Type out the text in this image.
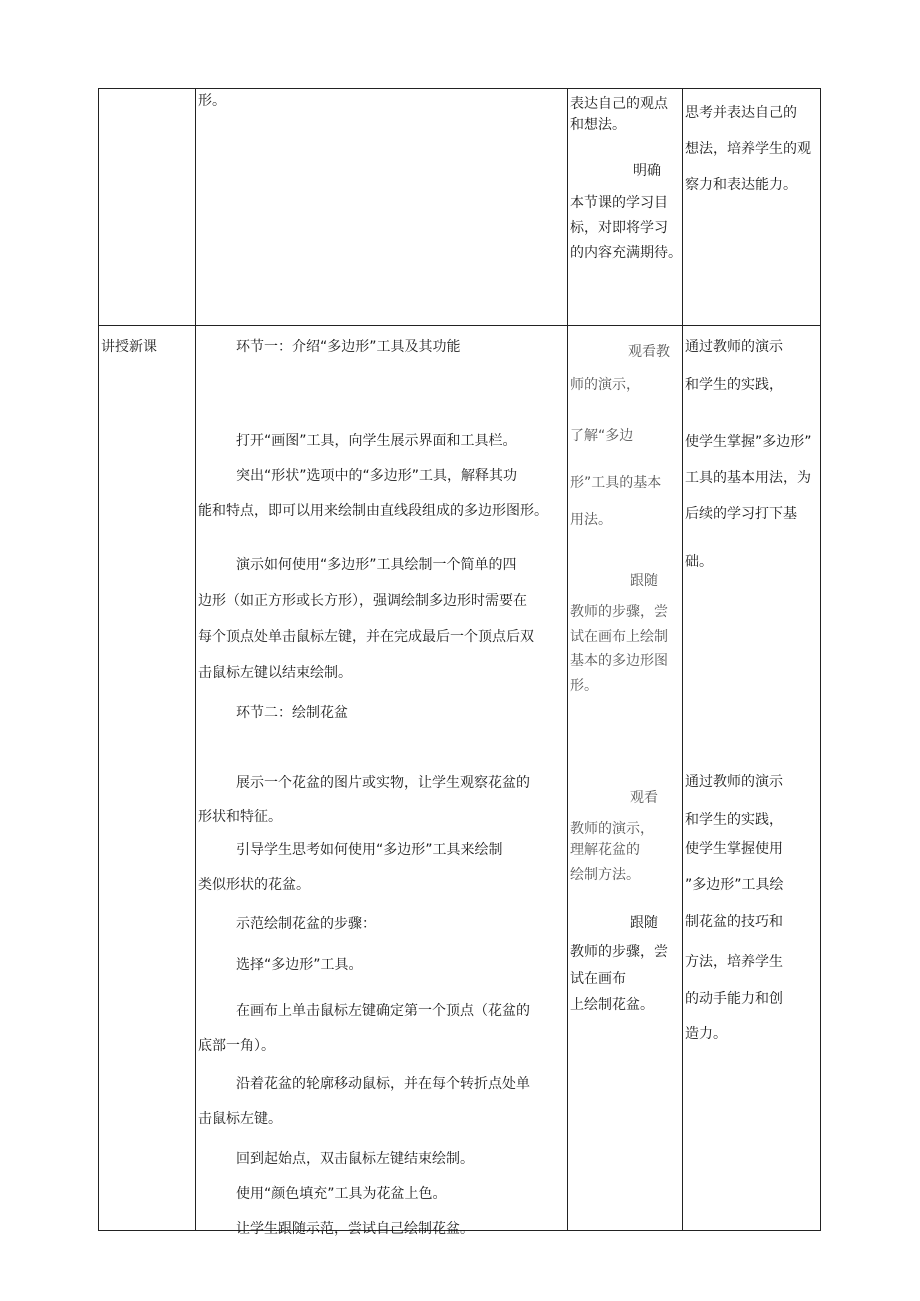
形。	表达自己的观点
和想法。
明确
本节课的学习目
标，对即将学习
的内容充满期待。
思考并表达自己的
想法，培养学生的观
察力和表达能力。
讲授新课	环节一：介绍“多边形”工具及其功能
打开“画图”工具，向学生展示界面和工具栏。
突出“形状”选项中的“多边形”工具，解释其功
能和特点，即可以用来绘制由直线段组成的多边形图形。
演示如何使用“多边形”工具绘制一个简单的四
边形（如正方形或长方形），强调绘制多边形时需要在
每个顶点处单击鼠标左键，并在完成最后一个顶点后双
击鼠标左键以结束绘制。
环节二：绘制花盆
展示一个花盆的图片或实物，让学生观察花盆的
形状和特征。
引导学生思考如何使用“多边形”工具来绘制
类似形状的花盆。
示范绘制花盆的步骤：
选择“多边形”工具。
在画布上单击鼠标左键确定第一个顶点（花盆的
底部一角）。
沿着花盆的轮廓移动鼠标，并在每个转折点处单
击鼠标左键。
回到起始点，双击鼠标左键结束绘制。
使用“颜色填充”工具为花盆上色。
让学生跟随示范，尝试自己绘制花盆。
观看教
师的演示，
了解“多边
形”工具的基本
用法。
跟随
教师的步骤，尝
试在画布上绘制
基本的多边形图
形。
观看
教师的演示，
理解花盆的
绘制方法。
跟随
教师的步骤，尝
试在画布
上绘制花盆。
通过教师的演示
和学生的实践，
使学生掌握”多边形”
工具的基本用法，为
后续的学习打下基
础。
通过教师的演示
和学生的实践，
使学生掌握使用
”多边形”工具绘
制花盆的技巧和
方法，培养学生
的动手能力和创
造力。
